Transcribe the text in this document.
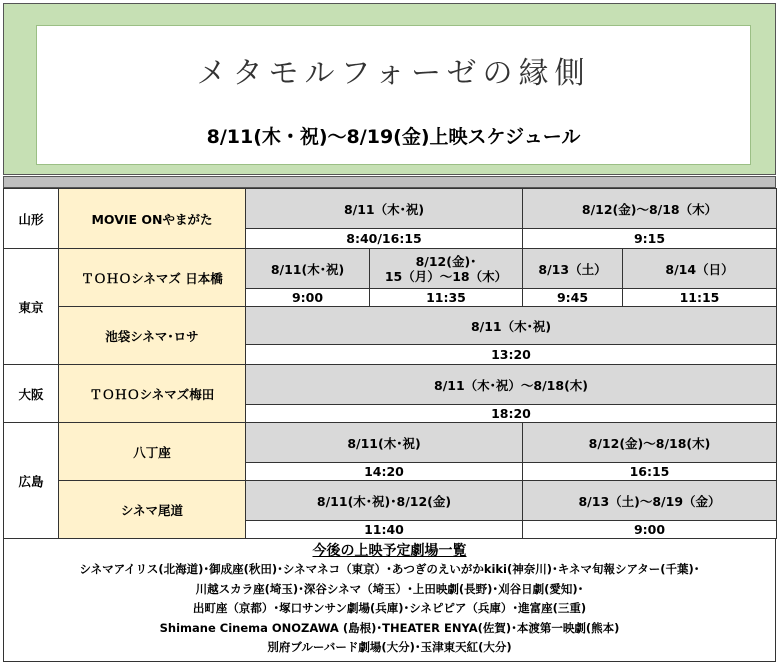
メタモルフォーゼの縁側
8/11(木・祝)～8/19(金)上映スケジュール
山形	MOVIE ONやまがた	8/11（木･祝)		8/12(金)～8/18（木）	
		8:40/16:15		9:15	
東京	ＴＯＨＯシネマズ 日本橋	8/11(木･祝)	8/12(金)･
15（月）～18（木）	8/13（土）	8/14（日）
		9:00	11:35	9:45	11:15
	池袋シネマ･ロサ	8/11（木･祝)			
		13:20			
大阪	ＴＯＨＯシネマズ梅田	8/11（木･祝）～8/18(木)			
		18:20			
広島	八丁座	8/11(木･祝)		8/12(金)～8/18(木)	
		14:20		16:15	
	シネマ尾道	8/11(木･祝)･8/12(金)		8/13（土)～8/19（金）	
		11:40		9:00	
今後の上映予定劇場一覧
シネマアイリス(北海道)･御成座(秋田)･シネマネコ（東京）･あつぎのえいがかkiki(神奈川)･キネマ旬報シアター(千葉)･
川越スカラ座(埼玉)･深谷シネマ（埼玉）･上田映劇(長野)･刈谷日劇(愛知)･
出町座（京都）･塚口サンサン劇場(兵庫)･シネピピア（兵庫）･進富座(三重)
Shimane Cinema ONOZAWA (島根)･THEATER ENYA(佐賀)･本渡第一映劇(熊本)
別府ブルーバード劇場(大分)･玉津東天紅(大分)
